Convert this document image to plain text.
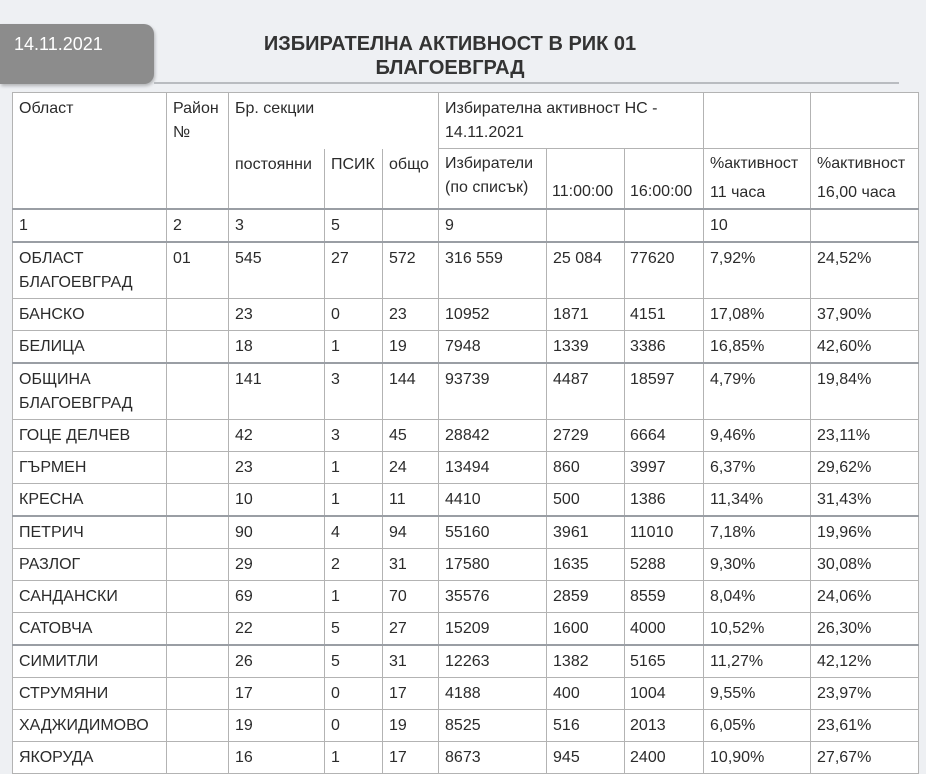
14.11.2021	ИЗБИРАТЕЛНА АКТИВНОСТ В РИК 01
БЛАГОЕВГРАД
Област	Район №	Бр. секции			Избирателна активност НС - 14.11.2021				
		постоянни	ПСИК	общо	Избиратели (по списък)	11:00:00	16:00:00	%активност	%активност
								11 часа	16,00 часа
1	2	3	5		9			10	
ОБЛАСТ БЛАГОЕВГРАД	01	545	27	572	316 559	25 084	77620	7,92%	24,52%
БАНСКО		23	0	23	10952	1871	4151	17,08%	37,90%
БЕЛИЦА		18	1	19	7948	1339	3386	16,85%	42,60%
ОБЩИНА БЛАГОЕВГРАД		141	3	144	93739	4487	18597	4,79%	19,84%
ГОЦЕ ДЕЛЧЕВ		42	3	45	28842	2729	6664	9,46%	23,11%
ГЪРМЕН		23	1	24	13494	860	3997	6,37%	29,62%
КРЕСНА		10	1	11	4410	500	1386	11,34%	31,43%
ПЕТРИЧ		90	4	94	55160	3961	11010	7,18%	19,96%
РАЗЛОГ		29	2	31	17580	1635	5288	9,30%	30,08%
САНДАНСКИ		69	1	70	35576	2859	8559	8,04%	24,06%
САТОВЧА		22	5	27	15209	1600	4000	10,52%	26,30%
СИМИТЛИ		26	5	31	12263	1382	5165	11,27%	42,12%
СТРУМЯНИ		17	0	17	4188	400	1004	9,55%	23,97%
ХАДЖИДИМОВО		19	0	19	8525	516	2013	6,05%	23,61%
ЯКОРУДА		16	1	17	8673	945	2400	10,90%	27,67%
